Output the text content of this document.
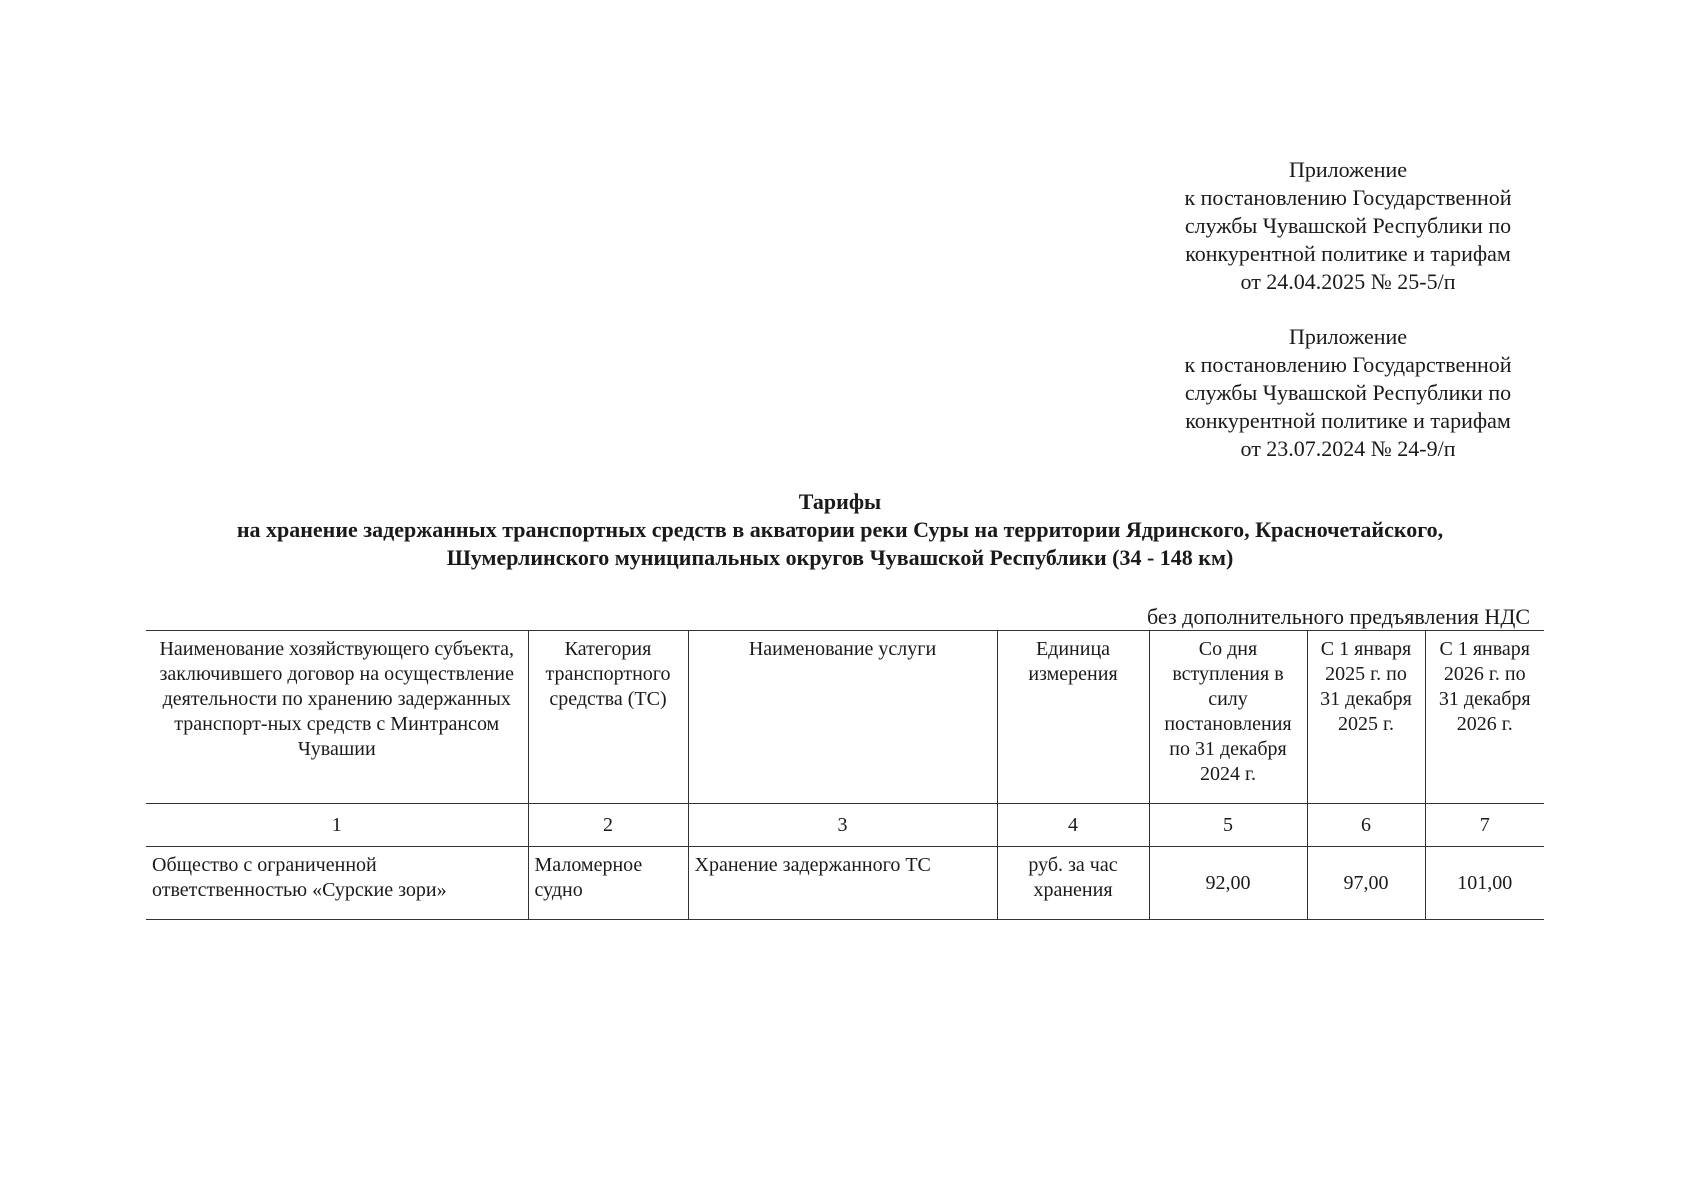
Приложение
к постановлению Государственной
службы Чувашской Республики по
конкурентной политике и тарифам
от 24.04.2025 № 25-5/п
Приложение
к постановлению Государственной
службы Чувашской Республики по
конкурентной политике и тарифам
от 23.07.2024 № 24-9/п
Тарифы
на хранение задержанных транспортных средств в акватории реки Суры на территории Ядринского, Красночетайского,
Шумерлинского муниципальных округов Чувашской Республики (34 - 148 км)
без дополнительного предъявления НДС
Наименование хозяйствующего субъекта, заключившего договор на осуществление деятельности по хранению задержанных транспорт-ных средств с Минтрансом Чувашии	Категория транспортного средства (ТС)	Наименование услуги	Единица измерения	Со дня вступления в силу постановления по 31 декабря 2024 г.	С 1 января 2025 г. по 31 декабря 2025 г.	С 1 января 2026 г. по 31 декабря 2026 г.
1	2	3	4	5	6	7
Общество с ограниченной ответственностью «Сурские зори»	Маломерное судно	Хранение задержанного ТС	руб. за час хранения	92,00	97,00	101,00
